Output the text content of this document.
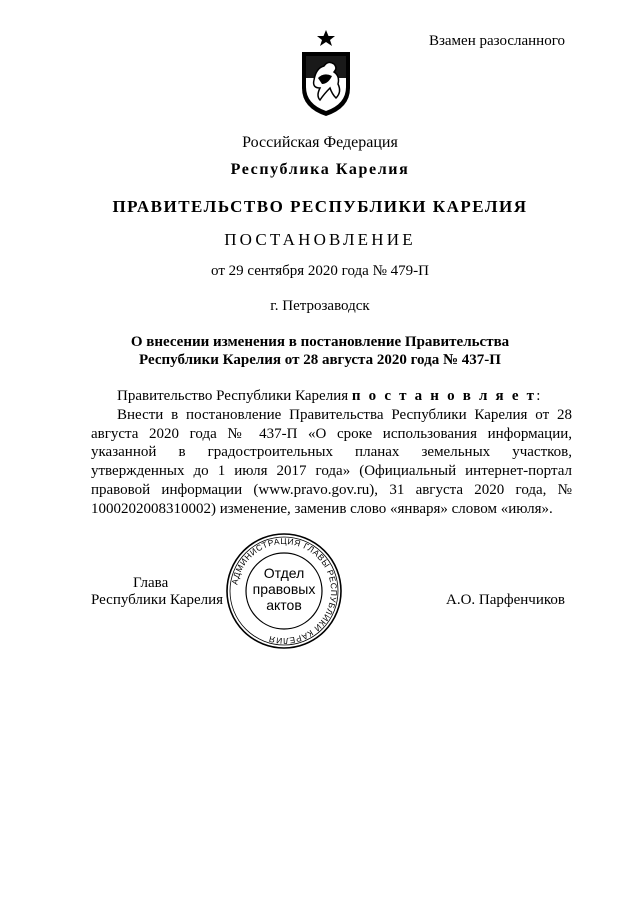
Взамен разосланного
Российская Федерация
Республика Карелия
ПРАВИТЕЛЬСТВО РЕСПУБЛИКИ КАРЕЛИЯ
ПОСТАНОВЛЕНИЕ
от 29 сентября 2020 года № 479-П
г. Петрозаводск
О внесении изменения в постановление Правительства
Республики Карелия от 28 августа 2020 года № 437-П
Правительство Республики Карелия п о с т а н о в л я е т:
Внести в постановление Правительства Республики Карелия от 28 августа 2020 года № 437-П «О сроке использования информации, указанной в градостроительных планах земельных участков, утвержденных до 1 июля 2017 года» (Официальный интернет-портал правовой информации (www.pravo.gov.ru), 31 августа 2020 года, № 1000202008310002) изменение, заменив слово «января» словом «июля».
Глава
Республики Карелия	А.О. Парфенчиков
АДМИНИСТРАЦИЯ ГЛАВЫ РЕСПУБЛИКИ КАРЕЛИЯ
Отдел
правовых
актов
